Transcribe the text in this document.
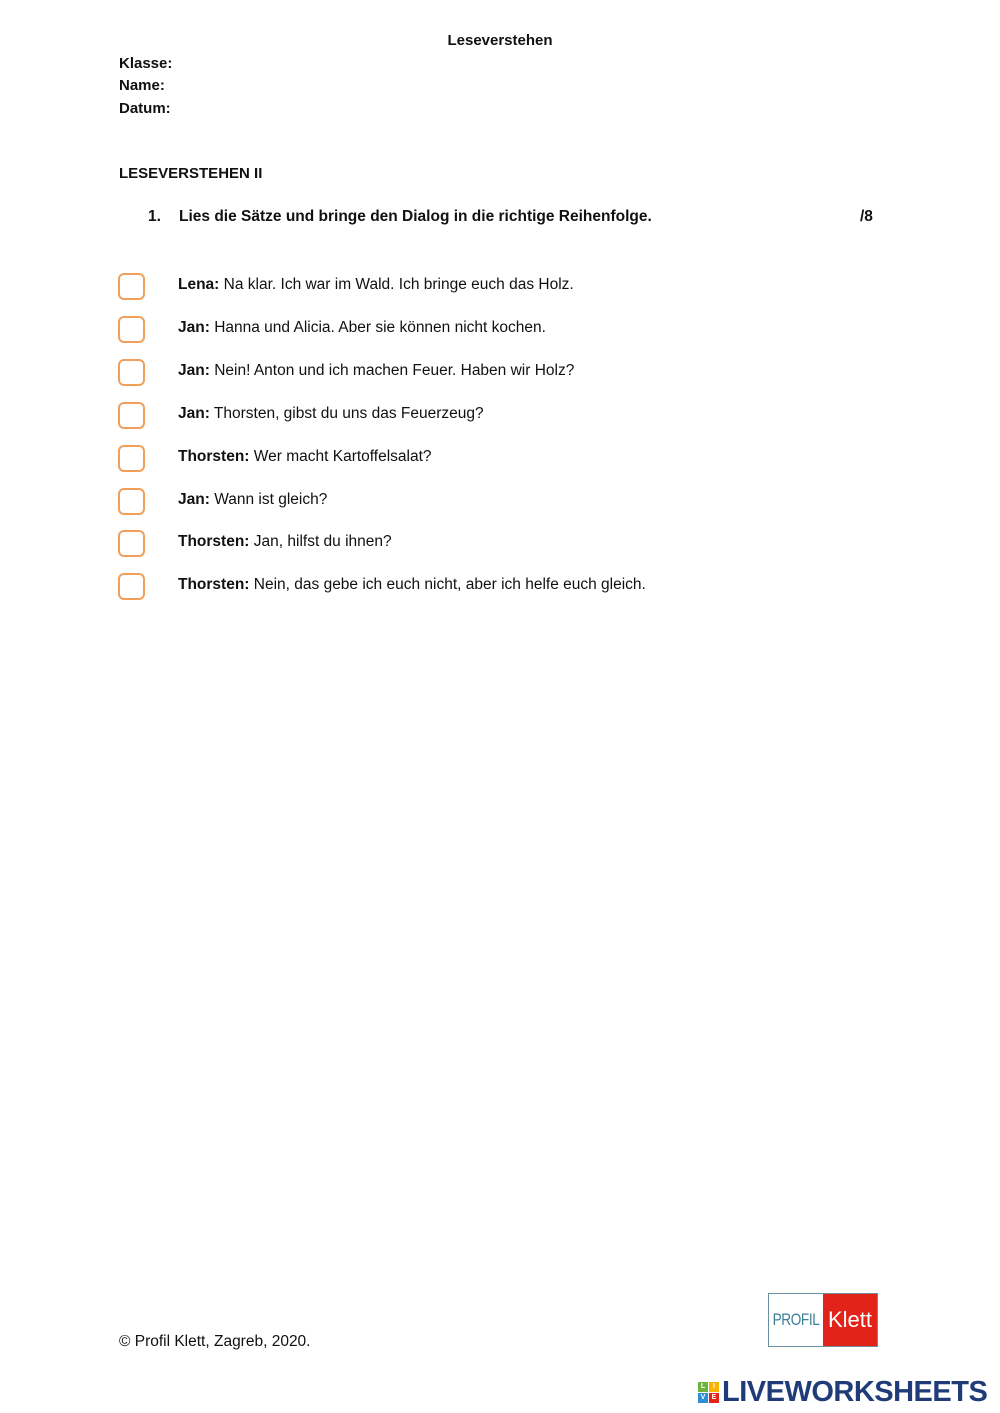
Leseverstehen
Klasse:
Name:
Datum:
LESEVERSTEHEN II
1. Lies die Sätze und bringe den Dialog in die richtige Reihenfolge.	/8
Lena: Na klar. Ich war im Wald. Ich bringe euch das Holz.
Jan: Hanna und Alicia. Aber sie können nicht kochen.
Jan: Nein! Anton und ich machen Feuer. Haben wir Holz?
Jan: Thorsten, gibst du uns das Feuerzeug?
Thorsten: Wer macht Kartoffelsalat?
Jan: Wann ist gleich?
Thorsten: Jan, hilfst du ihnen?
Thorsten: Nein, das gebe ich euch nicht, aber ich helfe euch gleich.
© Profil Klett, Zagreb, 2020.
PROFIL Klett
L	I
V E LIVEWORKSHEETS
